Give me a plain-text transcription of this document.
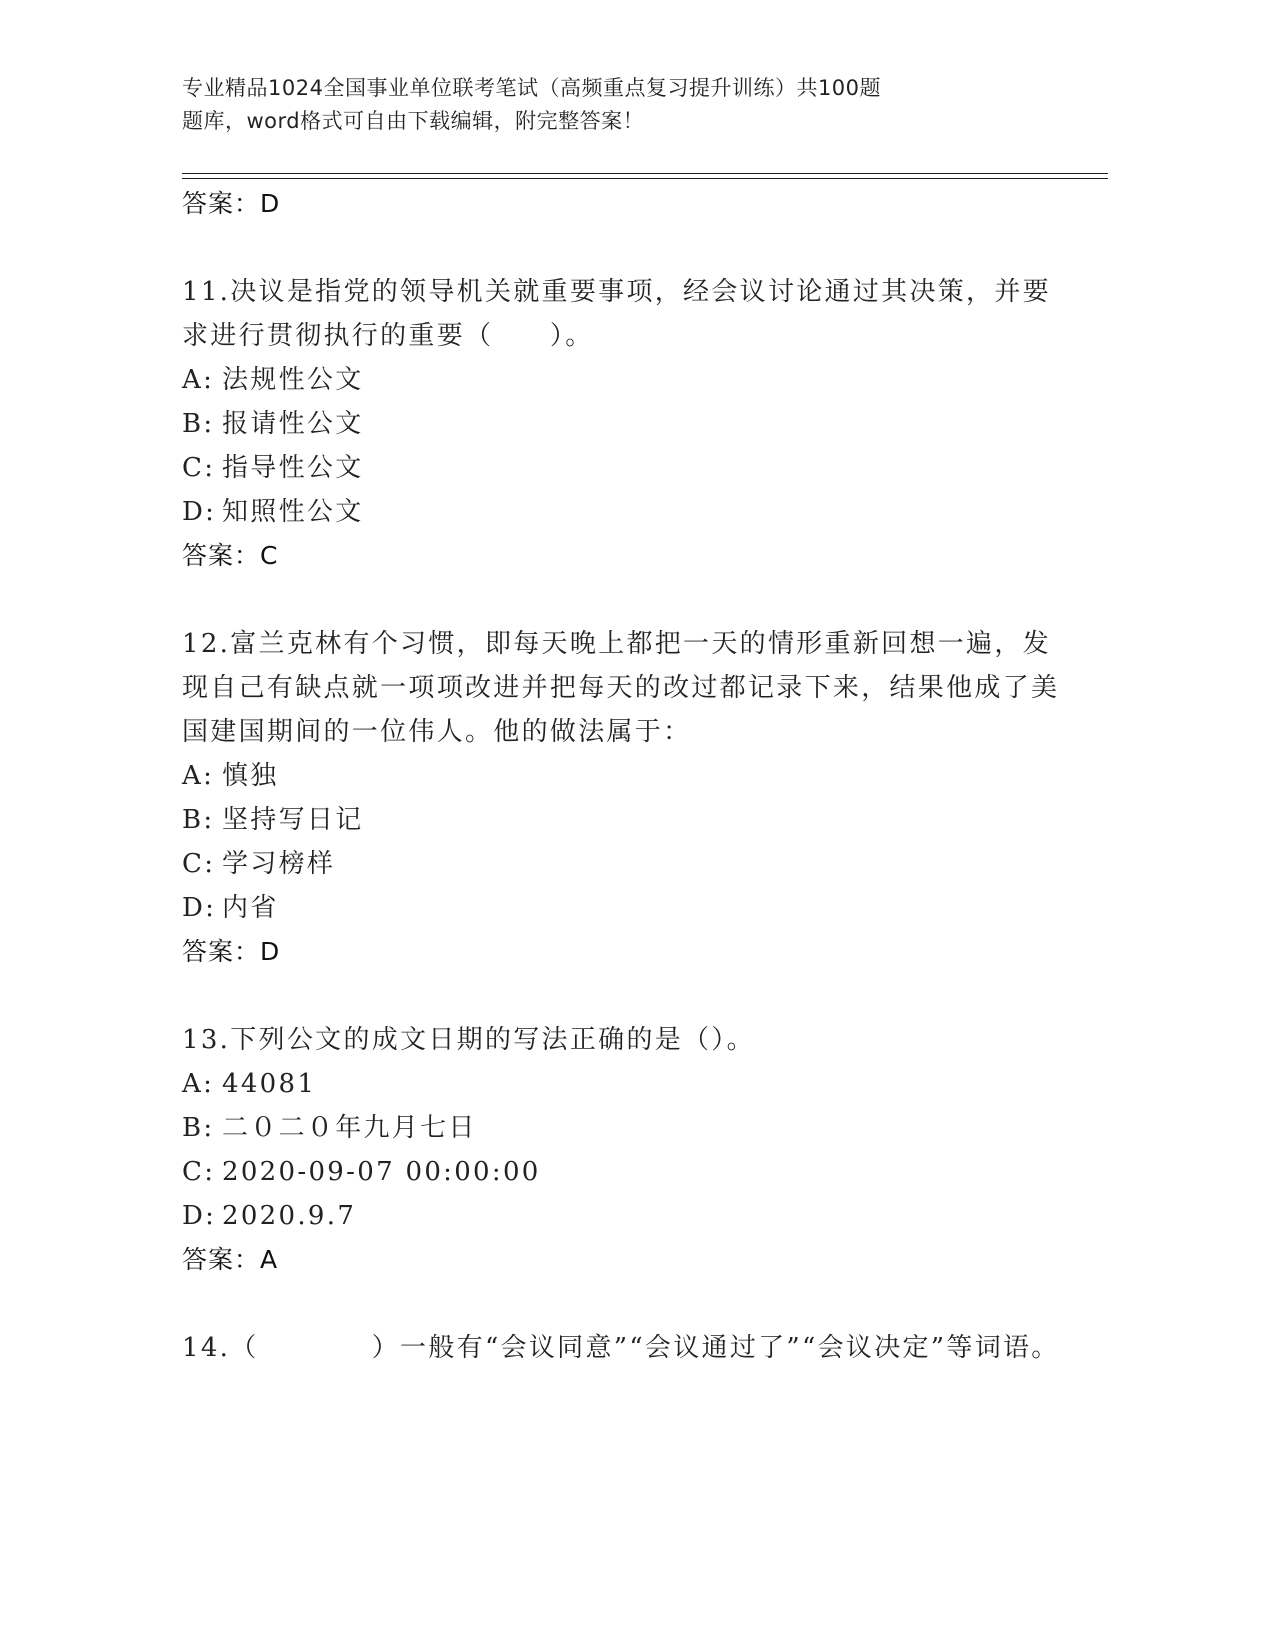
专业精品1024全国事业单位联考笔试（高频重点复习提升训练）共100题
题库，word格式可自由下载编辑，附完整答案！
答案：D
11.决议是指党的领导机关就重要事项，经会议讨论通过其决策，并要求进行贯彻执行的重要（　　）。
A: 法规性公文
B: 报请性公文
C: 指导性公文
D: 知照性公文
答案：C
12.富兰克林有个习惯，即每天晚上都把一天的情形重新回想一遍，发现自己有缺点就一项项改进并把每天的改过都记录下来，结果他成了美国建国期间的一位伟人。他的做法属于：
A: 慎独
B: 坚持写日记
C: 学习榜样
D: 内省
答案：D
13.下列公文的成文日期的写法正确的是（）。
A: 44081
B: 二０二０年九月七日
C: 2020-09-07 00:00:00
D: 2020.9.7
答案：A
14.（　　　　）一般有“会议同意”“会议通过了”“会议决定”等词语。
